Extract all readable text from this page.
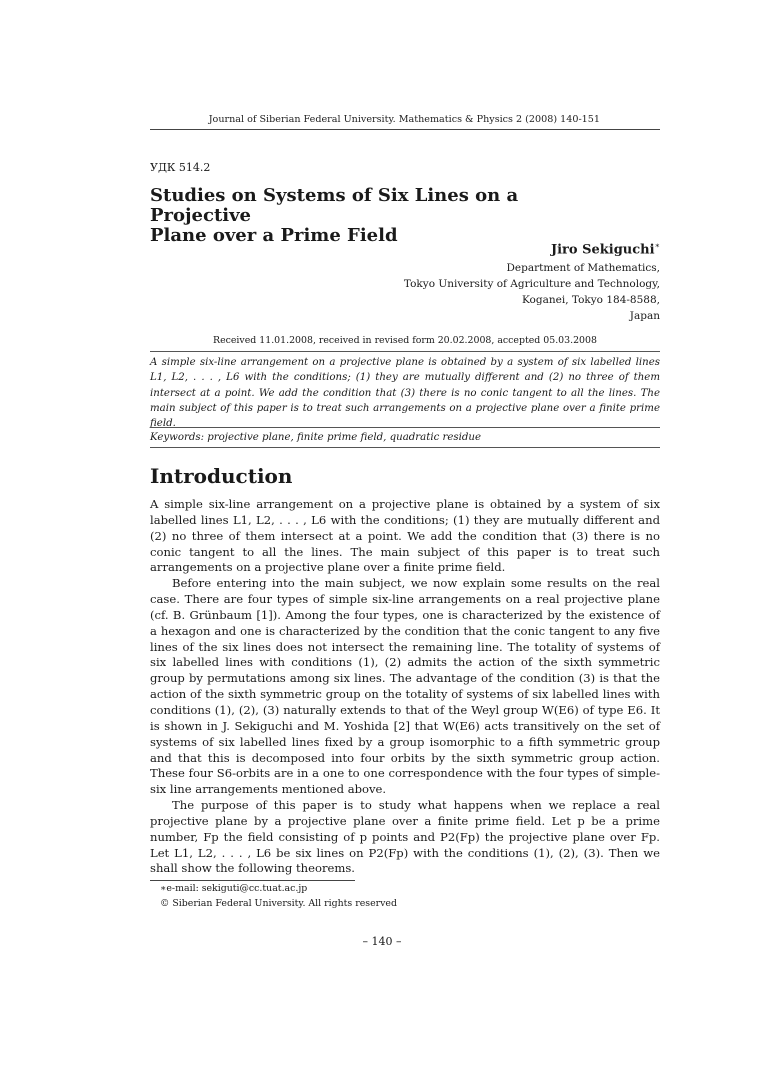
Journal of Siberian Federal University. Mathematics & Physics 2 (2008) 140-151
УДК 514.2
Studies on Systems of Six Lines on a Projective
Plane over a Prime Field
Jiro Sekiguchi∗
Department of Mathematics,
Tokyo University of Agriculture and Technology,
Koganei, Tokyo 184-8588,
Japan
Received 11.01.2008, received in revised form 20.02.2008, accepted 05.03.2008

A simple six-line arrangement on a projective plane is obtained by a system of six labelled lines L1, L2, . . . , L6 with the conditions; (1) they are mutually different and (2) no three of them intersect at a point. We add the condition that (3) there is no conic tangent to all the lines. The main subject of this paper is to treat such arrangements on a projective plane over a finite prime field.

Keywords: projective plane, finite prime field, quadratic residue
Introduction

A simple six-line arrangement on a projective plane is obtained by a system of six labelled lines L1, L2, . . . , L6 with the conditions; (1) they are mutually different and (2) no three of them intersect at a point. We add the condition that (3) there is no conic tangent to all the lines. The main subject of this paper is to treat such arrangements on a projective plane over a finite prime field.

Before entering into the main subject, we now explain some results on the real case. There are four types of simple six-line arrangements on a real projective plane (cf. B. Grünbaum [1]). Among the four types, one is characterized by the existence of a hexagon and one is characterized by the condition that the conic tangent to any five lines of the six lines does not intersect the remaining line. The totality of systems of six labelled lines with conditions (1), (2) admits the action of the sixth symmetric group by permutations among six lines. The advantage of the condition (3) is that the action of the sixth symmetric group on the totality of systems of six labelled lines with conditions (1), (2), (3) naturally extends to that of the Weyl group W(E6) of type E6. It is shown in J. Sekiguchi and M. Yoshida [2] that W(E6) acts transitively on the set of systems of six labelled lines fixed by a group isomorphic to a fifth symmetric group and that this is decomposed into four orbits by the sixth symmetric group action. These four S6-orbits are in a one to one correspondence with the four types of simple-six line arrangements mentioned above.

The purpose of this paper is to study what happens when we replace a real projective plane by a projective plane over a finite prime field. Let p be a prime number, Fp the field consisting of p points and P2(Fp) the projective plane over Fp. Let L1, L2, . . . , L6 be six lines on P2(Fp) with the conditions (1), (2), (3). Then we shall show the following theorems.

∗e-mail: sekiguti@cc.tuat.ac.jp
© Siberian Federal University. All rights reserved
– 140 –
